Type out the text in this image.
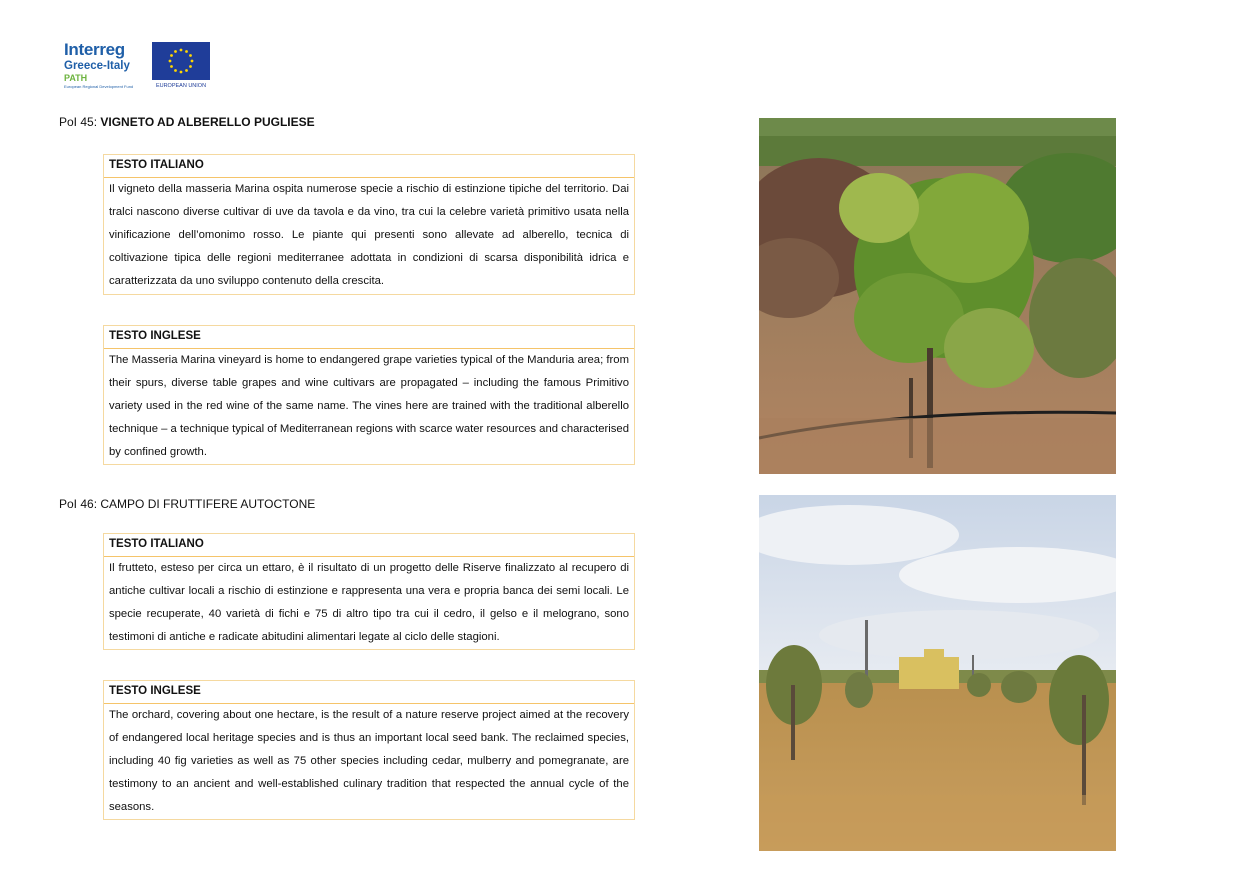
Interreg
Greece-Italy
PATH
European Regional Development Fund	EUROPEAN UNION
PoI 45: VIGNETO AD ALBERELLO PUGLIESE
TESTO ITALIANO
Il vigneto della masseria Marina ospita numerose specie a rischio di estinzione tipiche del territorio. Dai tralci nascono diverse cultivar di uve da tavola e da vino, tra cui la celebre varietà primitivo usata nella vinificazione dell’omonimo rosso. Le piante qui presenti sono allevate ad alberello, tecnica di coltivazione tipica delle regioni mediterranee adottata in condizioni di scarsa disponibilità idrica e caratterizzata da uno sviluppo contenuto della crescita.
TESTO INGLESE
The Masseria Marina vineyard is home to endangered grape varieties typical of the Manduria area; from their spurs, diverse table grapes and wine cultivars are propagated – including the famous Primitivo variety used in the red wine of the same name. The vines here are trained with the traditional alberello technique – a technique typical of Mediterranean regions with scarce water resources and characterised by confined growth.
PoI 46: CAMPO DI FRUTTIFERE AUTOCTONE
TESTO ITALIANO
Il frutteto, esteso per circa un ettaro, è il risultato di un progetto delle Riserve finalizzato al recupero di antiche cultivar locali a rischio di estinzione e rappresenta una vera e propria banca dei semi locali. Le specie recuperate, 40 varietà di fichi e 75 di altro tipo tra cui il cedro, il gelso e il melograno, sono testimoni di antiche e radicate abitudini alimentari legate al ciclo delle stagioni.
TESTO INGLESE
The orchard, covering about one hectare, is the result of a nature reserve project aimed at the recovery of endangered local heritage species and is thus an important local seed bank. The reclaimed species, including 40 fig varieties as well as 75 other species including cedar, mulberry and pomegranate, are testimony to an ancient and well-established culinary tradition that respected the annual cycle of the seasons.
